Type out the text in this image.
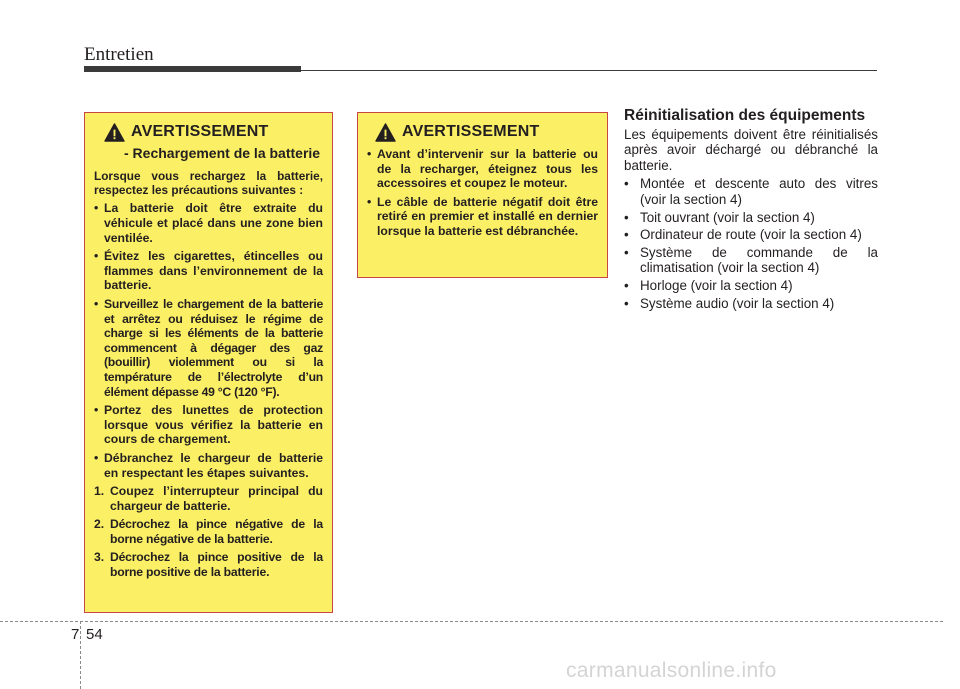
Entretien
AVERTISSEMENT
- Rechargement de la batterie
Lorsque vous rechargez la batterie, respectez les précautions suivantes :
• La batterie doit être extraite du véhicule et placé dans une zone bien ventilée.
• Évitez les cigarettes, étincelles ou flammes dans l’environnement de la batterie.
• Surveillez le chargement de la batterie et arrêtez ou réduisez le régime de charge si les éléments de la batterie commencent à dégager des gaz (bouillir) violemment ou si la température de l’électrolyte d’un élément dépasse 49 °C (120 °F).
• Portez des lunettes de protection lorsque vous vérifiez la batterie en cours de chargement.
• Débranchez le chargeur de batterie en respectant les étapes suivantes.
1. Coupez l’interrupteur principal du chargeur de batterie.
2. Décrochez la pince négative de la borne négative de la batterie.
3. Décrochez la pince positive de la borne positive de la batterie.
AVERTISSEMENT
• Avant d’intervenir sur la batterie ou de la recharger, éteignez tous les accessoires et coupez le moteur.
• Le câble de batterie négatif doit être retiré en premier et installé en dernier lorsque la batterie est débranchée.
Réinitialisation des équipements
Les équipements doivent être réinitialisés après avoir déchargé ou débranché la batterie.
• Montée et descente auto des vitres (voir la section 4)
• Toit ouvrant (voir la section 4)
• Ordinateur de route (voir la section 4)
• Système de commande de la climatisation (voir la section 4)
• Horloge (voir la section 4)
• Système audio (voir la section 4)
7 54
carmanualsonline.info
